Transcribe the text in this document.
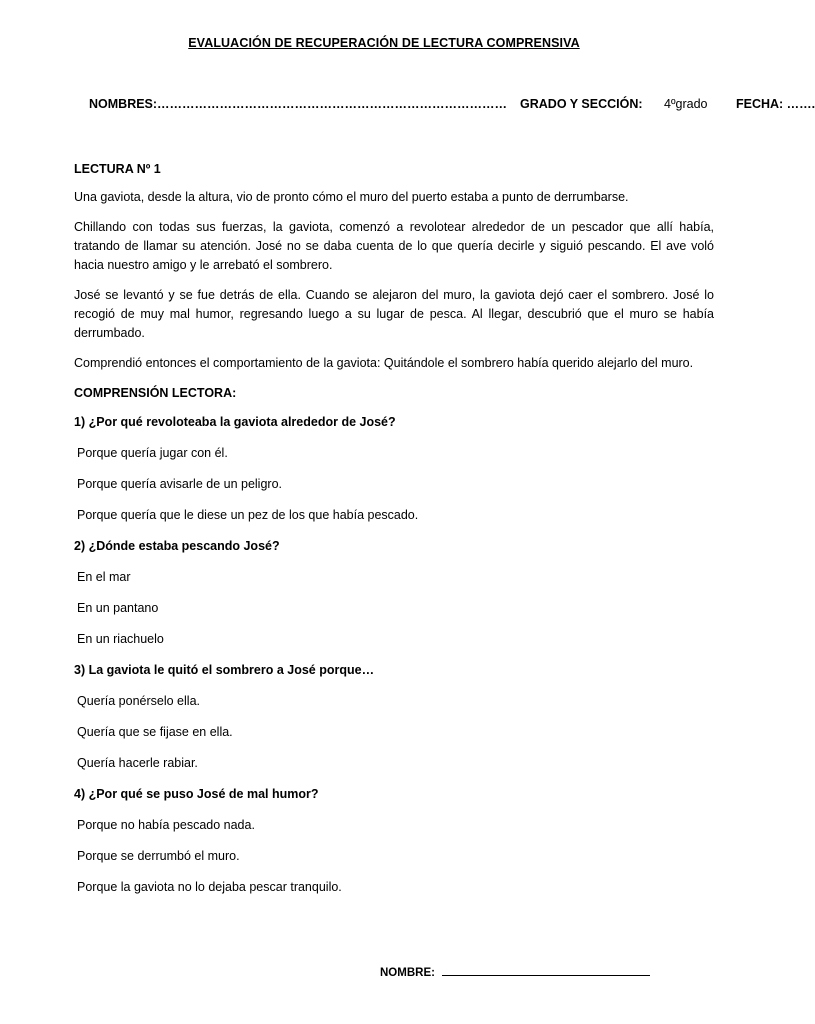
EVALUACIÓN DE RECUPERACIÓN DE LECTURA COMPRENSIVA
NOMBRES:………………………………………………………………………… GRADO Y SECCIÓN: 4ºgrado FECHA: …….

LECTURA Nº 1

Una gaviota, desde la altura, vio de pronto cómo el muro del puerto estaba a punto de derrumbarse.

Chillando con todas sus fuerzas, la gaviota, comenzó a revolotear alrededor de un pescador que allí había, tratando de llamar su atención. José no se daba cuenta de lo que quería decirle y siguió pescando. El ave voló hacia nuestro amigo y le arrebató el sombrero.

José se levantó y se fue detrás de ella. Cuando se alejaron del muro, la gaviota dejó caer el sombrero. José lo recogió de muy mal humor, regresando luego a su lugar de pesca. Al llegar, descubrió que el muro se había derrumbado.

Comprendió entonces el comportamiento de la gaviota: Quitándole el sombrero había querido alejarlo del muro.

COMPRENSIÓN LECTORA:

1) ¿Por qué revoloteaba la gaviota alrededor de José?

Porque quería jugar con él.

Porque quería avisarle de un peligro.

Porque quería que le diese un pez de los que había pescado.

2) ¿Dónde estaba pescando José?

En el mar

En un pantano

En un riachuelo

3) La gaviota le quitó el sombrero a José porque…

Quería ponérselo ella.

Quería que se fijase en ella.

Quería hacerle rabiar.

4) ¿Por qué se puso José de mal humor?

Porque no había pescado nada.

Porque se derrumbó el muro.

Porque la gaviota no lo dejaba pescar tranquilo.

NOMBRE:
